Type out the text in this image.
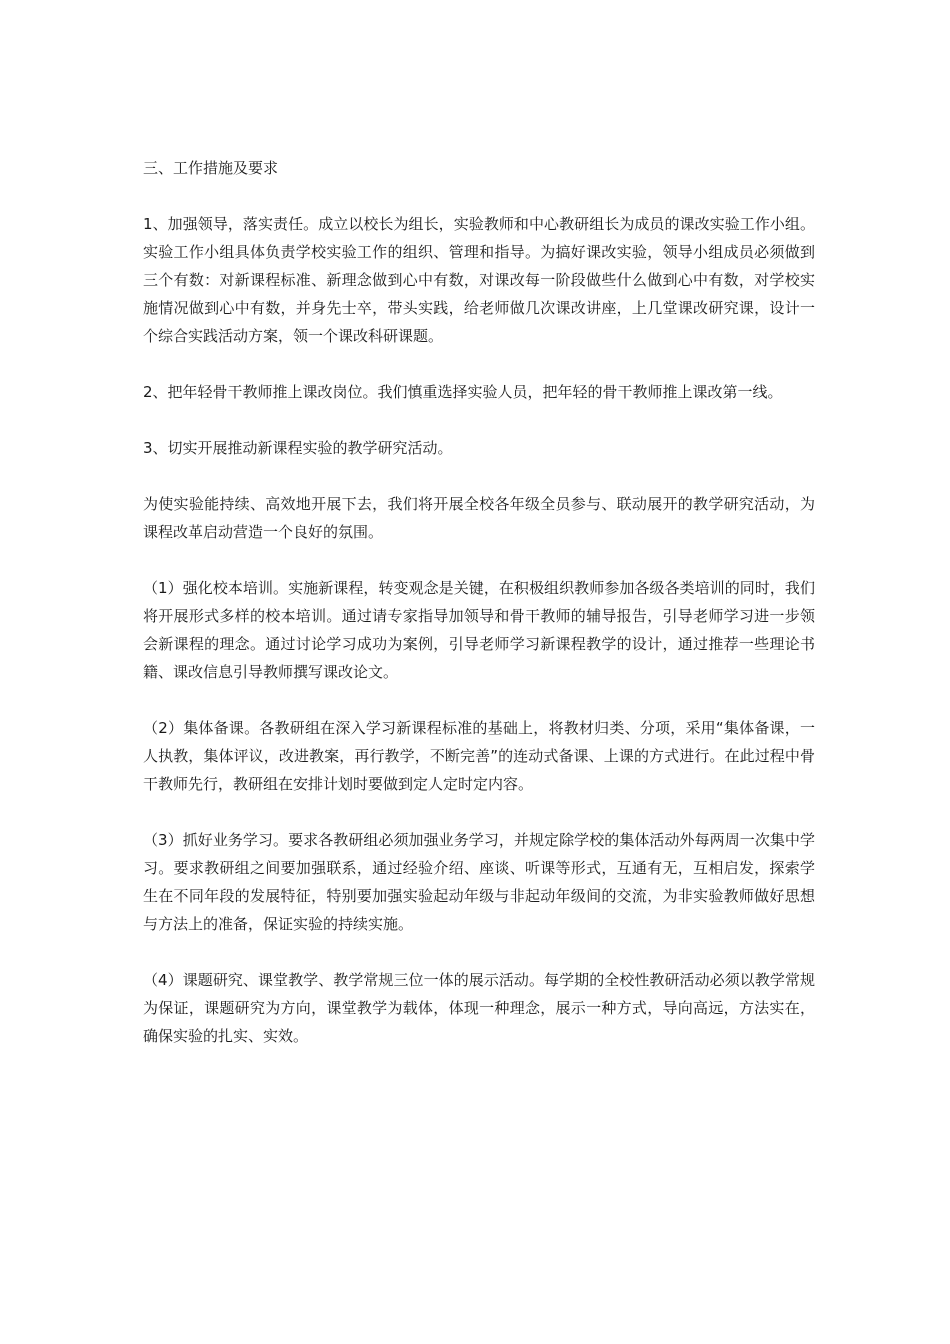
三、工作措施及要求

1、加强领导，落实责任。成立以校长为组长，实验教师和中心教研组长为成员的课改实验工作小组。实验工作小组具体负责学校实验工作的组织、管理和指导。为搞好课改实验，领导小组成员必须做到三个有数：对新课程标准、新理念做到心中有数，对课改每一阶段做些什么做到心中有数，对学校实施情况做到心中有数，并身先士卒，带头实践，给老师做几次课改讲座，上几堂课改研究课，设计一个综合实践活动方案，领一个课改科研课题。

2、把年轻骨干教师推上课改岗位。我们慎重选择实验人员，把年轻的骨干教师推上课改第一线。

3、切实开展推动新课程实验的教学研究活动。

为使实验能持续、高效地开展下去，我们将开展全校各年级全员参与、联动展开的教学研究活动，为课程改革启动营造一个良好的氛围。

（1）强化校本培训。实施新课程，转变观念是关键，在积极组织教师参加各级各类培训的同时，我们将开展形式多样的校本培训。通过请专家指导加领导和骨干教师的辅导报告，引导老师学习进一步领会新课程的理念。通过讨论学习成功为案例，引导老师学习新课程教学的设计，通过推荐一些理论书籍、课改信息引导教师撰写课改论文。

（2）集体备课。各教研组在深入学习新课程标准的基础上，将教材归类、分项，采用“集体备课，一人执教，集体评议，改进教案，再行教学，不断完善”的连动式备课、上课的方式进行。在此过程中骨干教师先行，教研组在安排计划时要做到定人定时定内容。

（3）抓好业务学习。要求各教研组必须加强业务学习，并规定除学校的集体活动外每两周一次集中学习。要求教研组之间要加强联系，通过经验介绍、座谈、听课等形式，互通有无，互相启发，探索学生在不同年段的发展特征，特别要加强实验起动年级与非起动年级间的交流，为非实验教师做好思想与方法上的准备，保证实验的持续实施。

（4）课题研究、课堂教学、教学常规三位一体的展示活动。每学期的全校性教研活动必须以教学常规为保证，课题研究为方向，课堂教学为载体，体现一种理念，展示一种方式，导向高远，方法实在，确保实验的扎实、实效。
